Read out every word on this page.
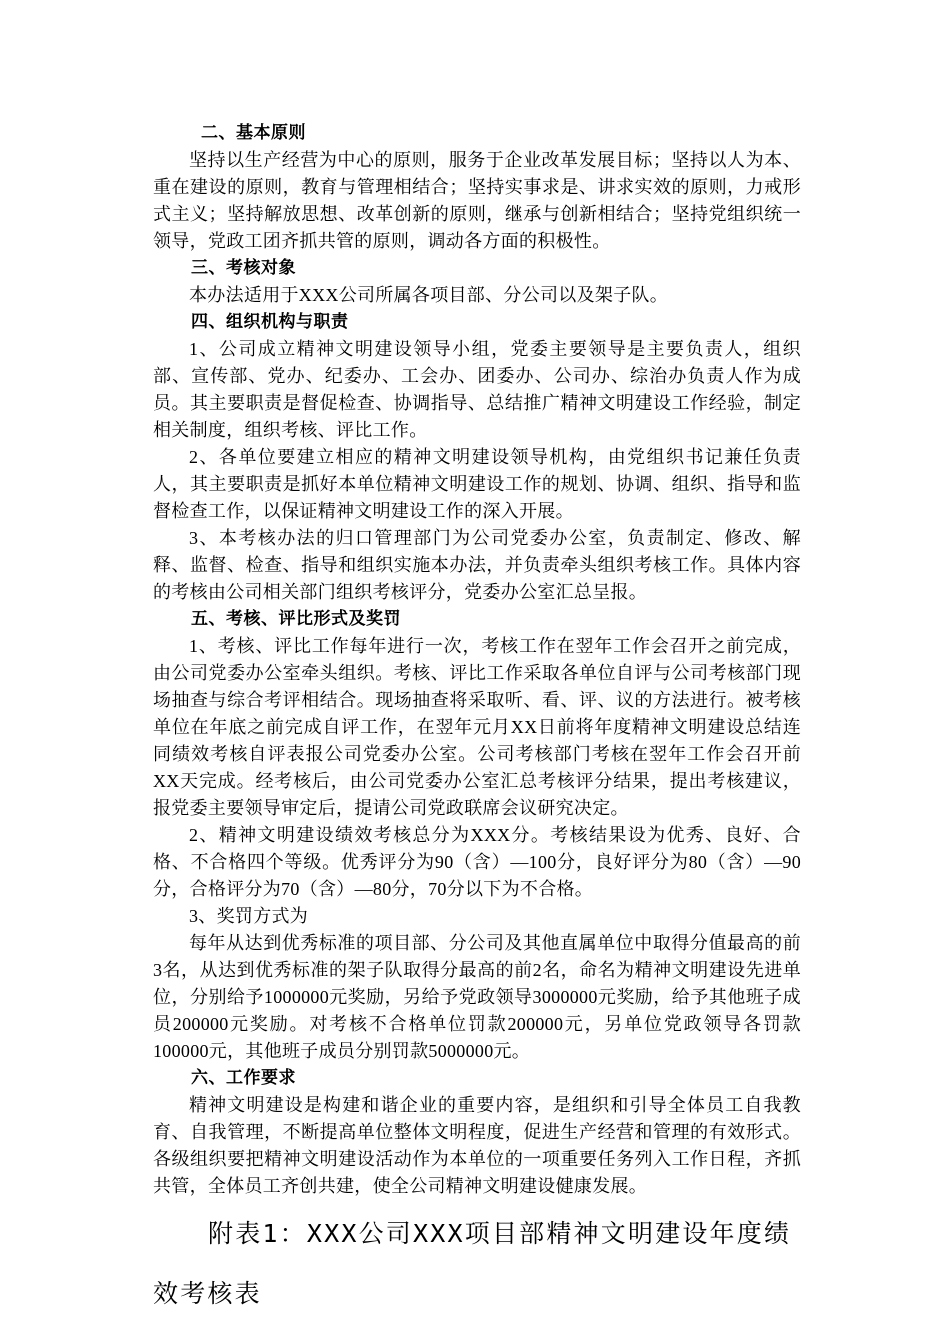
二、基本原则

坚持以生产经营为中心的原则，服务于企业改革发展目标；坚持以人为本、重在建设的原则，教育与管理相结合；坚持实事求是、讲求实效的原则，力戒形式主义；坚持解放思想、改革创新的原则，继承与创新相结合；坚持党组织统一领导，党政工团齐抓共管的原则，调动各方面的积极性。

三、考核对象

本办法适用于XXX公司所属各项目部、分公司以及架子队。

四、组织机构与职责

1、公司成立精神文明建设领导小组，党委主要领导是主要负责人，组织部、宣传部、党办、纪委办、工会办、团委办、公司办、综治办负责人作为成员。其主要职责是督促检查、协调指导、总结推广精神文明建设工作经验，制定相关制度，组织考核、评比工作。

2、各单位要建立相应的精神文明建设领导机构，由党组织书记兼任负责人，其主要职责是抓好本单位精神文明建设工作的规划、协调、组织、指导和监督检查工作，以保证精神文明建设工作的深入开展。

3、本考核办法的归口管理部门为公司党委办公室，负责制定、修改、解释、监督、检查、指导和组织实施本办法，并负责牵头组织考核工作。具体内容的考核由公司相关部门组织考核评分，党委办公室汇总呈报。

五、考核、评比形式及奖罚

1、考核、评比工作每年进行一次，考核工作在翌年工作会召开之前完成，由公司党委办公室牵头组织。考核、评比工作采取各单位自评与公司考核部门现场抽查与综合考评相结合。现场抽查将采取听、看、评、议的方法进行。被考核单位在年底之前完成自评工作，在翌年元月XX日前将年度精神文明建设总结连同绩效考核自评表报公司党委办公室。公司考核部门考核在翌年工作会召开前XX天完成。经考核后，由公司党委办公室汇总考核评分结果，提出考核建议，报党委主要领导审定后，提请公司党政联席会议研究决定。

2、精神文明建设绩效考核总分为XXX分。考核结果设为优秀、良好、合格、不合格四个等级。优秀评分为90（含）—100分，良好评分为80（含）—90分，合格评分为70（含）—80分，70分以下为不合格。

3、奖罚方式为

每年从达到优秀标准的项目部、分公司及其他直属单位中取得分值最高的前3名，从达到优秀标准的架子队取得分最高的前2名，命名为精神文明建设先进单位，分别给予1000000元奖励，另给予党政领导3000000元奖励，给予其他班子成员200000元奖励。对考核不合格单位罚款200000元，另单位党政领导各罚款100000元，其他班子成员分别罚款5000000元。

六、工作要求

精神文明建设是构建和谐企业的重要内容，是组织和引导全体员工自我教育、自我管理，不断提高单位整体文明程度，促进生产经营和管理的有效形式。各级组织要把精神文明建设活动作为本单位的一项重要任务列入工作日程，齐抓共管，全体员工齐创共建，使全公司精神文明建设健康发展。

附表1：XXX公司XXX项目部精神文明建设年度绩效考核表
